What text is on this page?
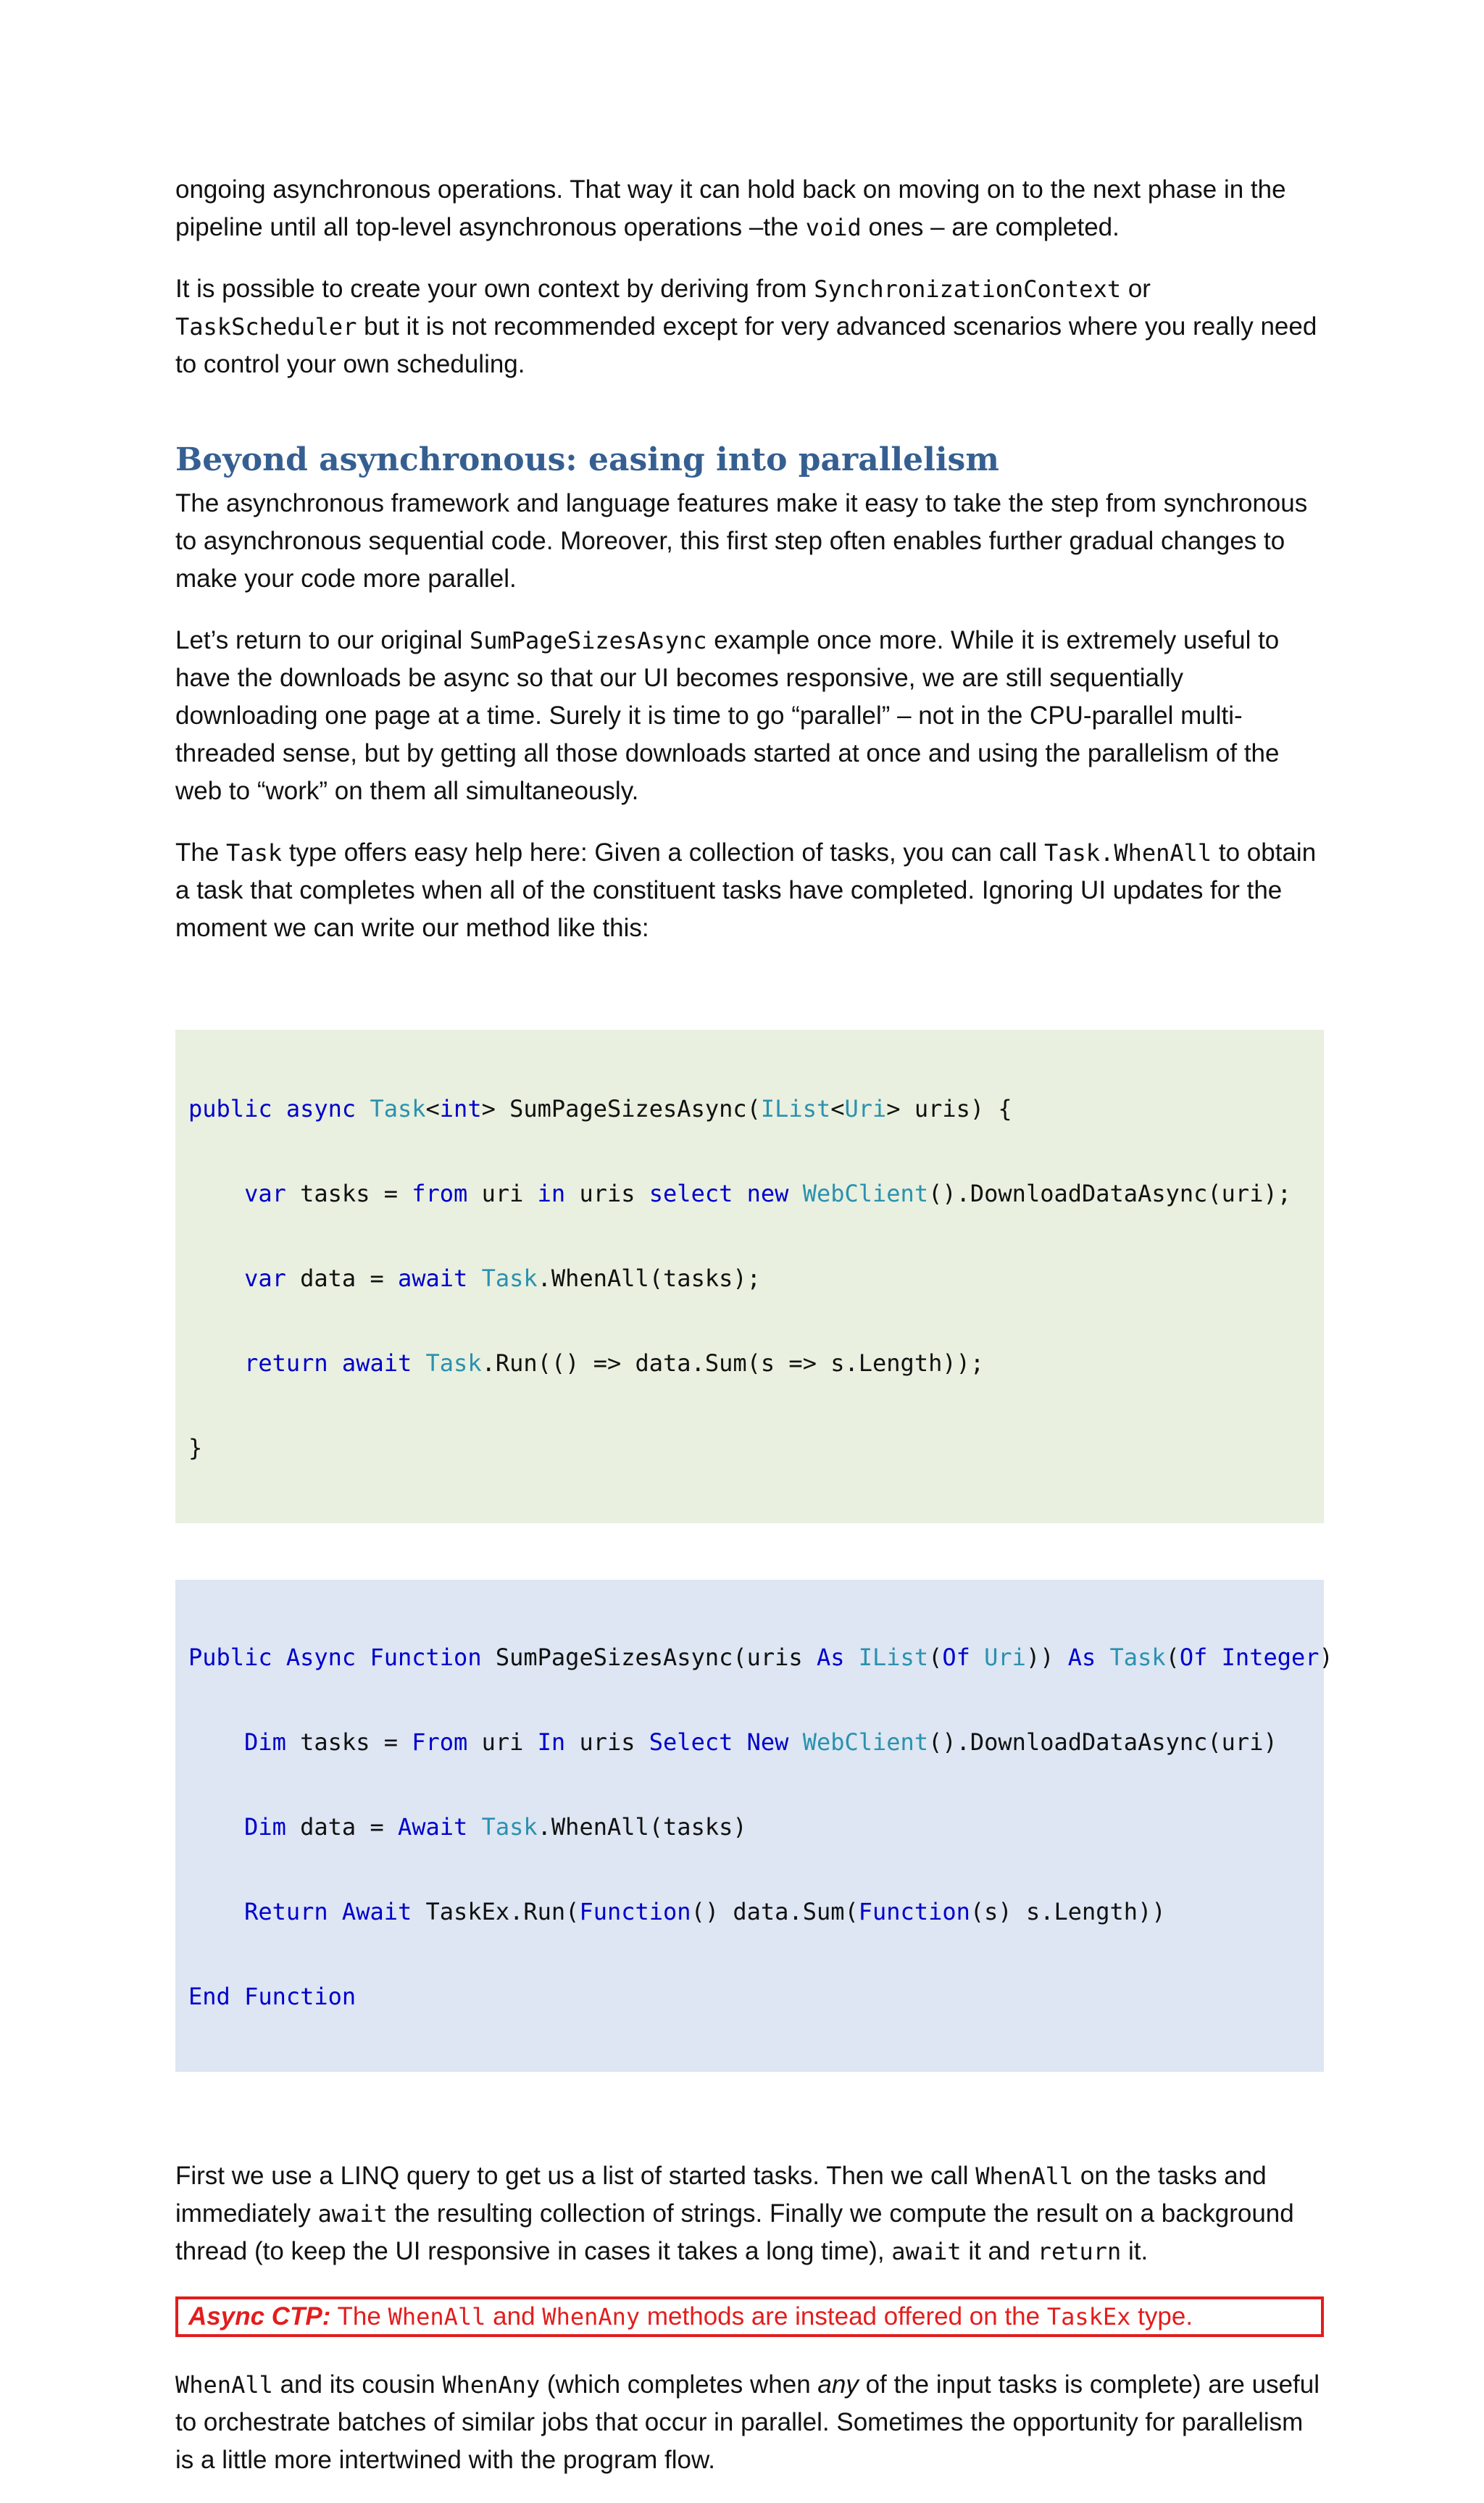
ongoing asynchronous operations. That way it can hold back on moving on to the next phase in the pipeline until all top-level asynchronous operations –the void ones – are completed.

It is possible to create your own context by deriving from SynchronizationContext or TaskScheduler but it is not recommended except for very advanced scenarios where you really need to control your own scheduling.

Beyond asynchronous: easing into parallelism

The asynchronous framework and language features make it easy to take the step from synchronous to asynchronous sequential code. Moreover, this first step often enables further gradual changes to make your code more parallel.

Let’s return to our original SumPageSizesAsync example once more. While it is extremely useful to have the downloads be async so that our UI becomes responsive, we are still sequentially downloading one page at a time. Surely it is time to go “parallel” – not in the CPU-parallel multi-threaded sense, but by getting all those downloads started at once and using the parallelism of the web to “work” on them all simultaneously.

The Task type offers easy help here: Given a collection of tasks, you can call Task.WhenAll to obtain a task that completes when all of the constituent tasks have completed. Ignoring UI updates for the moment we can write our method like this:

public async Task<int> SumPageSizesAsync(IList<Uri> uris) {

var tasks = from uri in uris select new WebClient().DownloadDataAsync(uri);

var data = await Task.WhenAll(tasks);

return await Task.Run(() => data.Sum(s => s.Length));

}

Public Async Function SumPageSizesAsync(uris As IList(Of Uri)) As Task(Of Integer)

Dim tasks = From uri In uris Select New WebClient().DownloadDataAsync(uri)

Dim data = Await Task.WhenAll(tasks)

Return Await TaskEx.Run(Function() data.Sum(Function(s) s.Length))

End Function

First we use a LINQ query to get us a list of started tasks. Then we call WhenAll on the tasks and immediately await the resulting collection of strings. Finally we compute the result on a background thread (to keep the UI responsive in cases it takes a long time), await it and return it.

Async CTP: The WhenAll and WhenAny methods are instead offered on the TaskEx type.

WhenAll and its cousin WhenAny (which completes when any of the input tasks is complete) are useful to orchestrate batches of similar jobs that occur in parallel. Sometimes the opportunity for parallelism is a little more intertwined with the program flow.
